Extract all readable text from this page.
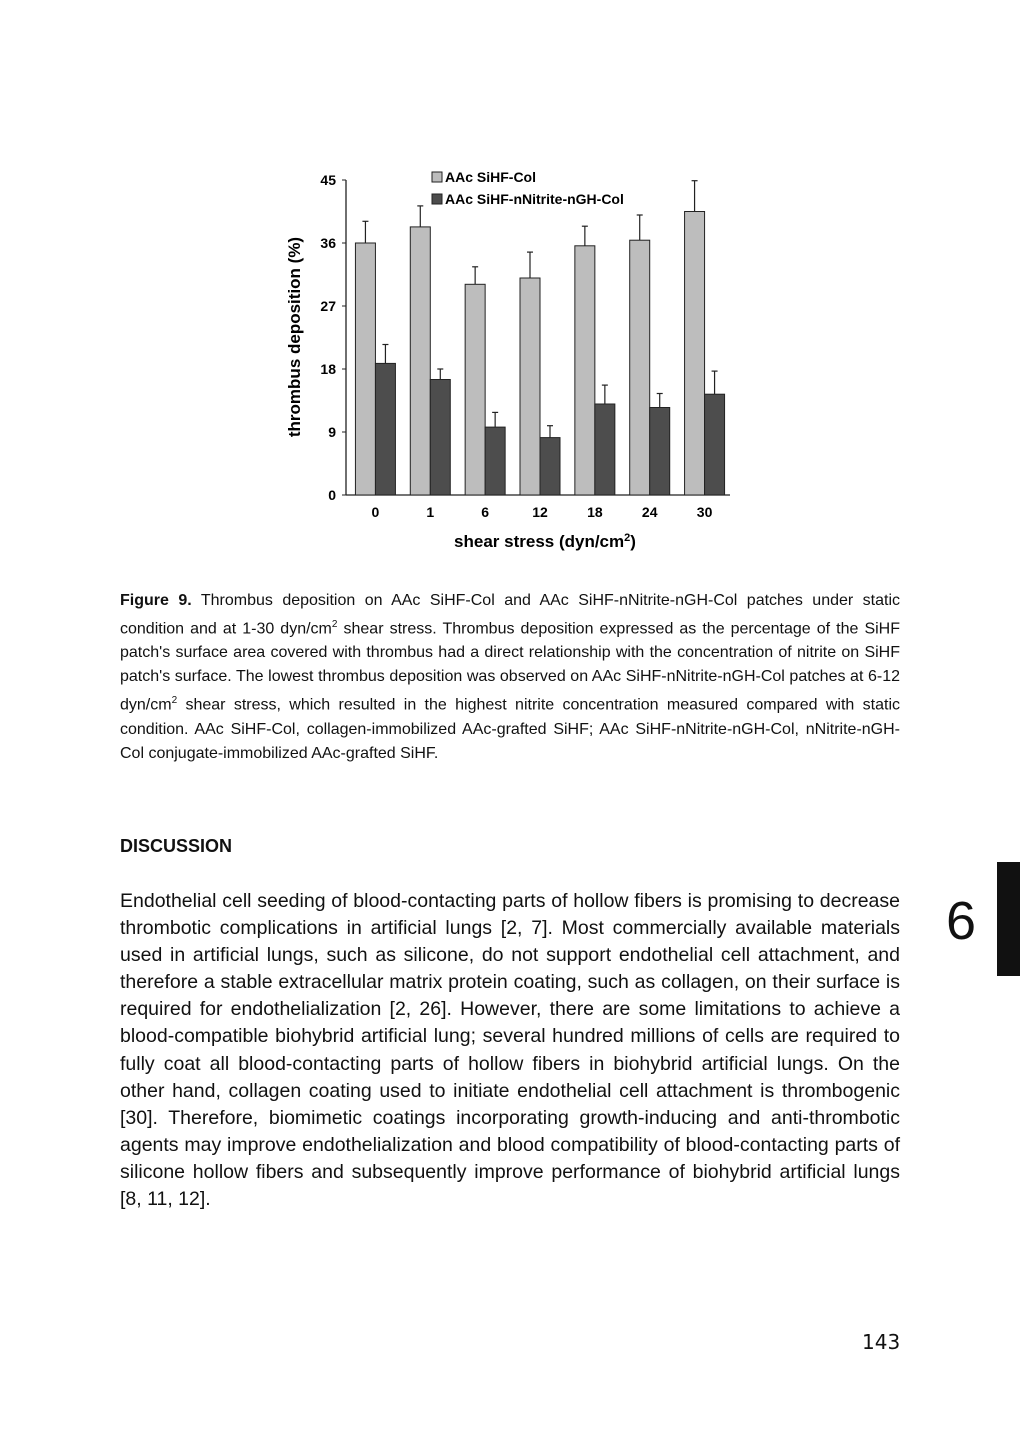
0
9
18
27
36
45
0	1	6	12	18	24	30
shear stress $(dyn/cm^2)$
thrombus deposition (%)
AAc SiHF-Col
AAc SiHF-nNitrite-nGH-Col
Figure 9. Thrombus deposition on AAc SiHF-Col and AAc SiHF-nNitrite-nGH-Col patches under static condition and at 1-30 dyn/$cm^2$ shear stress. Thrombus deposition expressed as the percentage of the SiHF patch's surface area covered with thrombus had a direct relationship with the concentration of nitrite on SiHF patch's surface. The lowest thrombus deposition was observed on AAc SiHF-nNitrite-nGH-Col patches at 6-12 dyn/$cm^2$ shear stress, which resulted in the highest nitrite concentration measured compared with static condition. AAc SiHF-Col, collagen-immobilized AAc-grafted SiHF; AAc SiHF-nNitrite-nGH-Col, nNitrite-nGH-Col conjugate-immobilized AAc-grafted SiHF.
DISCUSSION
Endothelial cell seeding of blood-contacting parts of hollow fibers is promising to decrease thrombotic complications in artificial lungs [2, 7]. Most commercially available materials used in artificial lungs, such as silicone, do not support endothelial cell attachment, and therefore a stable extracellular matrix protein coating, such as collagen, on their surface is required for endothelialization [2, 26]. However, there are some limitations to achieve a blood-compatible biohybrid artificial lung; several hundred millions of cells are required to fully coat all blood-contacting parts of hollow fibers in biohybrid artificial lungs. On the other hand, collagen coating used to initiate endothelial cell attachment is thrombogenic [30]. Therefore, biomimetic coatings incorporating growth-inducing and anti-thrombotic agents may improve endothelialization and blood compatibility of blood-contacting parts of silicone hollow fibers and subsequently improve performance of biohybrid artificial lungs [8, 11, 12].
6
143
